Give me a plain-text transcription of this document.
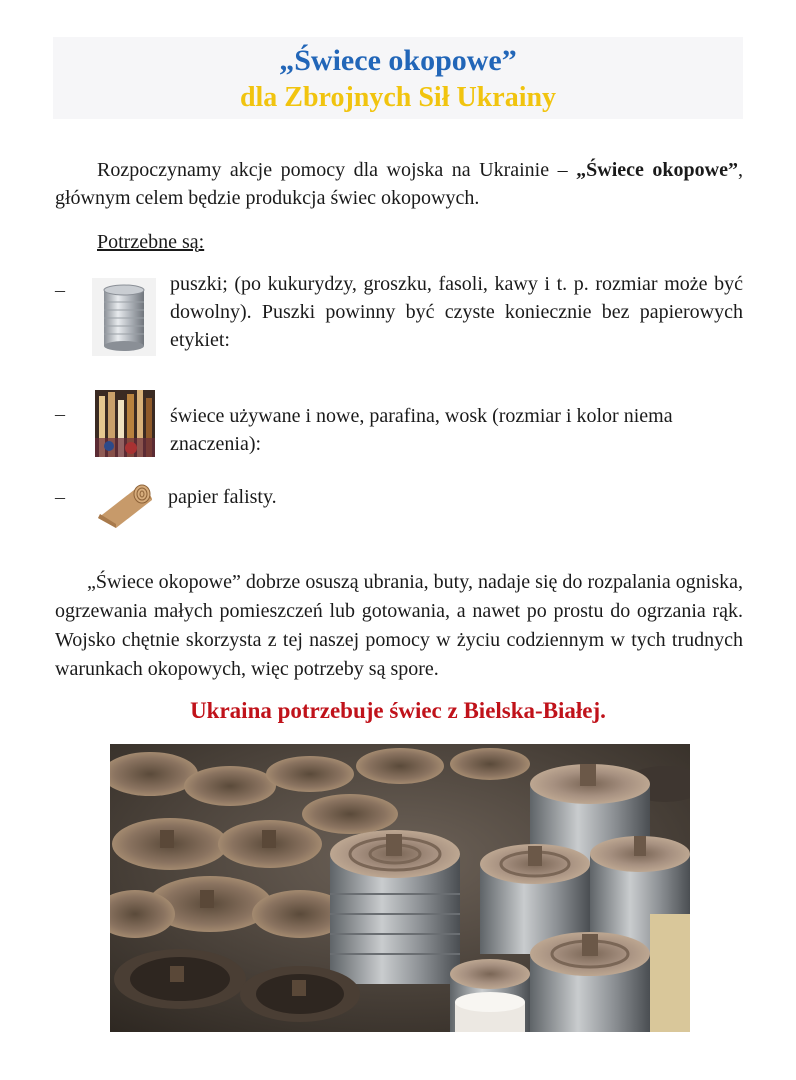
„Świece okopowe”
dla Zbrojnych Sił Ukrainy
Rozpoczynamy akcje pomocy dla wojska na Ukrainie – „Świece okopowe”, głównym celem będzie produkcja świec okopowych.
Potrzebne są:
–	puszki; (po kukurydzy, groszku, fasoli, kawy i t. p. rozmiar może być dowolny). Puszki powinny być czyste koniecznie bez papierowych etykiet:
–	świece używane i nowe, parafina, wosk (rozmiar i kolor niema znaczenia):
–	papier falisty.
„Świece okopowe” dobrze osuszą ubrania, buty, nadaje się do rozpalania ogniska, ogrzewania małych pomieszczeń lub gotowania, a nawet po prostu do ogrzania rąk. Wojsko chętnie skorzysta z tej naszej pomocy w życiu codziennym w tych trudnych warunkach okopowych, więc potrzeby są spore.
Ukraina potrzebuje świec z Bielska-Białej.
